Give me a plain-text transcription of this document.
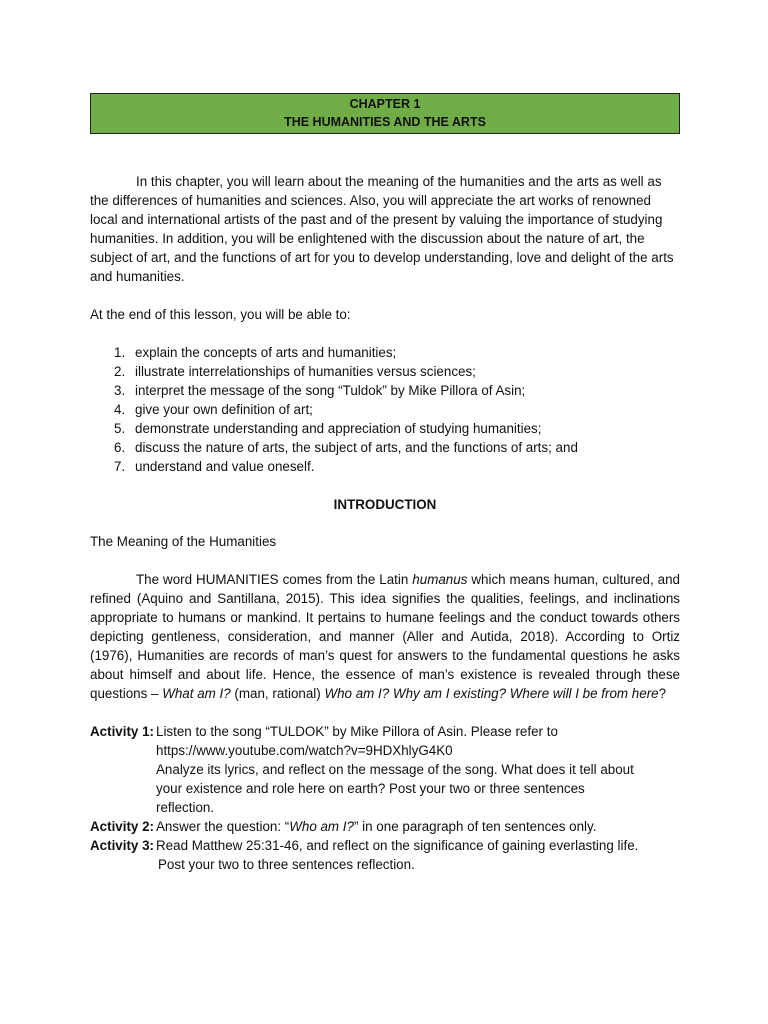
CHAPTER 1
THE HUMANITIES AND THE ARTS

In this chapter, you will learn about the meaning of the humanities and the arts as well as the differences of humanities and sciences. Also, you will appreciate the art works of renowned local and international artists of the past and of the present by valuing the importance of studying humanities. In addition, you will be enlightened with the discussion about the nature of art, the subject of art, and the functions of art for you to develop understanding, love and delight of the arts and humanities.

At the end of this lesson, you will be able to:

1. explain the concepts of arts and humanities;
2. illustrate interrelationships of humanities versus sciences;
3. interpret the message of the song “Tuldok” by Mike Pillora of Asin;
4. give your own definition of art;
5. demonstrate understanding and appreciation of studying humanities;
6. discuss the nature of arts, the subject of arts, and the functions of arts; and
7. understand and value oneself.
INTRODUCTION
The Meaning of the Humanities

The word HUMANITIES comes from the Latin humanus which means human, cultured, and refined (Aquino and Santillana, 2015). This idea signifies the qualities, feelings, and inclinations appropriate to humans or mankind. It pertains to humane feelings and the conduct towards others depicting gentleness, consideration, and manner (Aller and Autida, 2018). According to Ortiz (1976), Humanities are records of man’s quest for answers to the fundamental questions he asks about himself and about life. Hence, the essence of man’s existence is revealed through these questions – What am I? (man, rational) Who am I? Why am I existing? Where will I be from here?

Activity 1: Listen to the song “TULDOK” by Mike Pillora of Asin. Please refer to
https://www.youtube.com/watch?v=9HDXhlyG4K0
Analyze its lyrics, and reflect on the message of the song. What does it tell about
your existence and role here on earth? Post your two or three sentences
reflection.
Activity 2: Answer the question: “Who am I?” in one paragraph of ten sentences only.
Activity 3: Read Matthew 25:31-46, and reflect on the significance of gaining everlasting life.
Post your two to three sentences reflection.
